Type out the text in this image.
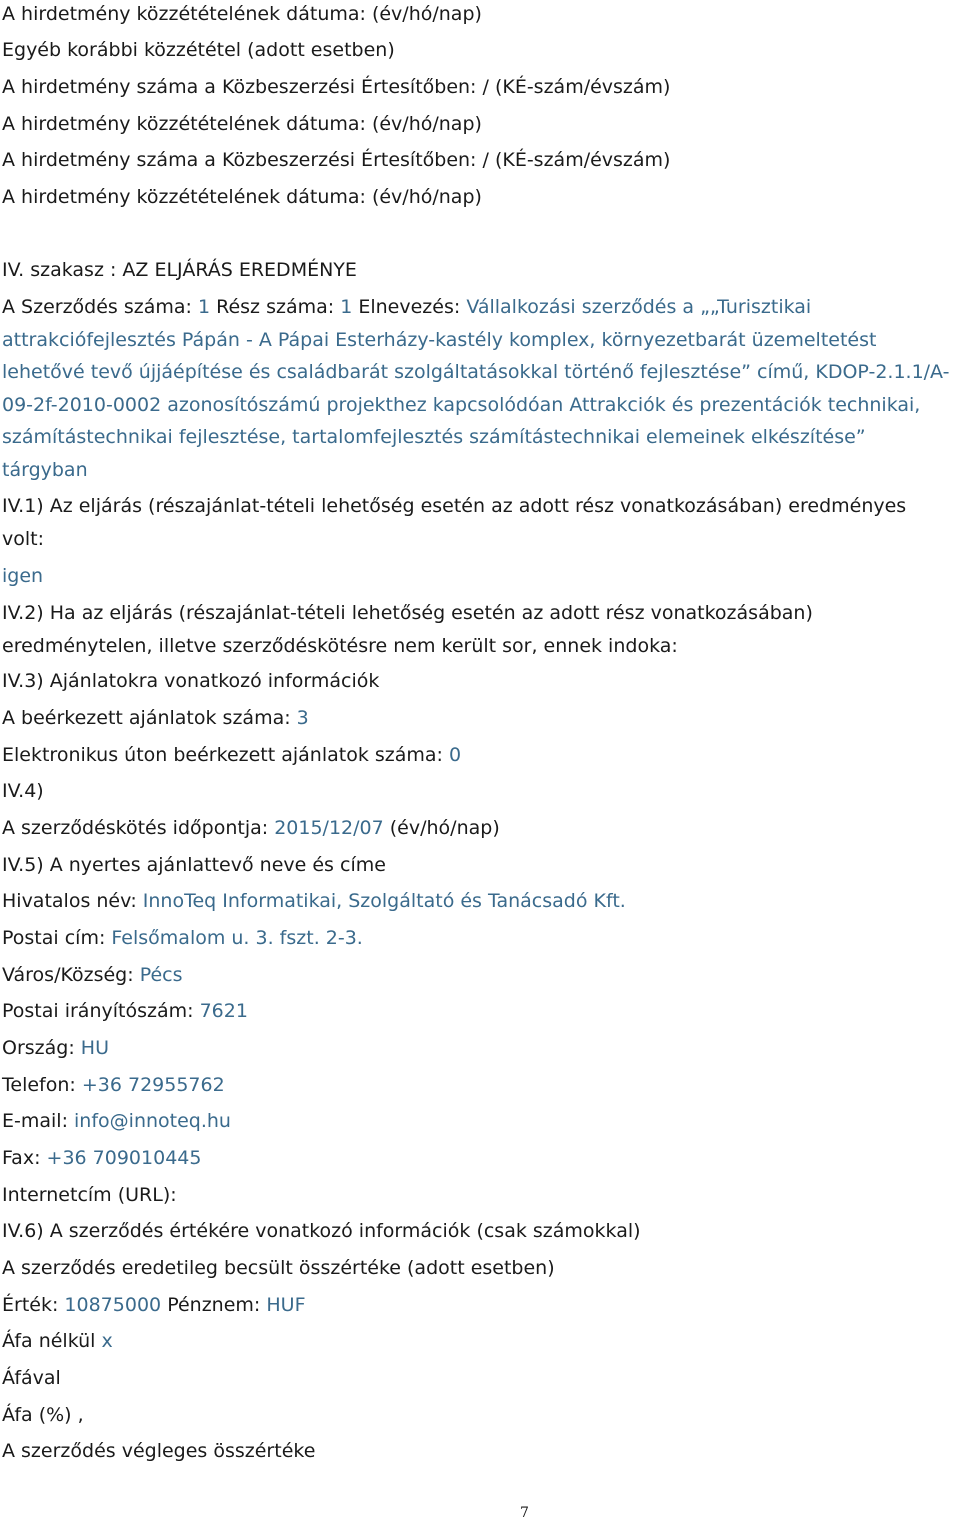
A hirdetmény közzétételének dátuma: (év/hó/nap)
Egyéb korábbi közzététel (adott esetben)
A hirdetmény száma a Közbeszerzési Értesítőben: / (KÉ-szám/évszám)
A hirdetmény közzétételének dátuma: (év/hó/nap)
A hirdetmény száma a Közbeszerzési Értesítőben: / (KÉ-szám/évszám)
A hirdetmény közzétételének dátuma: (év/hó/nap)
IV. szakasz : AZ ELJÁRÁS EREDMÉNYE
A Szerződés száma: 1 Rész száma: 1 Elnevezés: Vállalkozási szerződés a „„Turisztikai attrakciófejlesztés Pápán - A Pápai Esterházy-kastély komplex, környezetbarát üzemeltetést lehetővé tevő újjáépítése és családbarát szolgáltatásokkal történő fejlesztése” című, KDOP-2.1.1/A-09-2f-2010-0002 azonosítószámú projekthez kapcsolódóan Attrakciók és prezentációk technikai, számítástechnikai fejlesztése, tartalomfejlesztés számítástechnikai elemeinek elkészítése” tárgyban
IV.1) Az eljárás (részajánlat-tételi lehetőség esetén az adott rész vonatkozásában) eredményes volt:
igen
IV.2) Ha az eljárás (részajánlat-tételi lehetőség esetén az adott rész vonatkozásában) eredménytelen, illetve szerződéskötésre nem került sor, ennek indoka:
IV.3) Ajánlatokra vonatkozó információk
A beérkezett ajánlatok száma: 3
Elektronikus úton beérkezett ajánlatok száma: 0
IV.4)
A szerződéskötés időpontja: 2015/12/07 (év/hó/nap)
IV.5) A nyertes ajánlattevő neve és címe
Hivatalos név: InnoTeq Informatikai, Szolgáltató és Tanácsadó Kft.
Postai cím: Felsőmalom u. 3. fszt. 2-3.
Város/Község: Pécs
Postai irányítószám: 7621
Ország: HU
Telefon: +36 72955762
E-mail: info@innoteq.hu
Fax: +36 709010445
Internetcím (URL):
IV.6) A szerződés értékére vonatkozó információk (csak számokkal)
A szerződés eredetileg becsült összértéke (adott esetben)
Érték: 10875000 Pénznem: HUF
Áfa nélkül x
Áfával
Áfa (%) ,
A szerződés végleges összértéke
7
